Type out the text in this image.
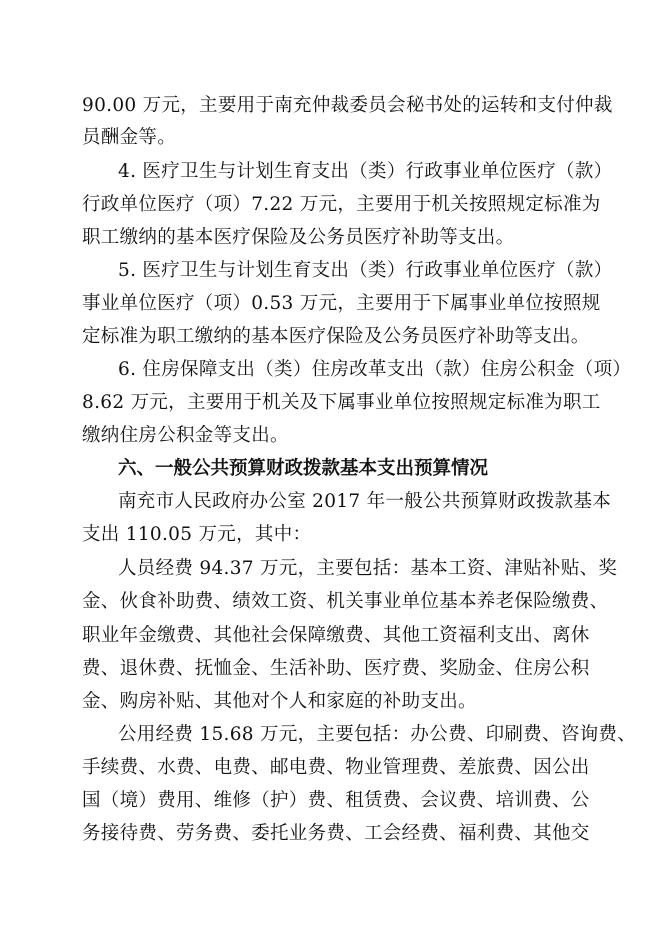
90.00 万元，主要用于南充仲裁委员会秘书处的运转和支付仲裁
员酬金等。
4. 医疗卫生与计划生育支出（类）行政事业单位医疗（款）
行政单位医疗（项）7.22 万元，主要用于机关按照规定标准为
职工缴纳的基本医疗保险及公务员医疗补助等支出。
5. 医疗卫生与计划生育支出（类）行政事业单位医疗（款）
事业单位医疗（项）0.53 万元，主要用于下属事业单位按照规
定标准为职工缴纳的基本医疗保险及公务员医疗补助等支出。
6. 住房保障支出（类）住房改革支出（款）住房公积金（项）
8.62 万元，主要用于机关及下属事业单位按照规定标准为职工
缴纳住房公积金等支出。
六、一般公共预算财政拨款基本支出预算情况
南充市人民政府办公室 2017 年一般公共预算财政拨款基本
支出 110.05 万元，其中：
人员经费 94.37 万元，主要包括：基本工资、津贴补贴、奖
金、伙食补助费、绩效工资、机关事业单位基本养老保险缴费、
职业年金缴费、其他社会保障缴费、其他工资福利支出、离休
费、退休费、抚恤金、生活补助、医疗费、奖励金、住房公积
金、购房补贴、其他对个人和家庭的补助支出。
公用经费 15.68 万元，主要包括：办公费、印刷费、咨询费、
手续费、水费、电费、邮电费、物业管理费、差旅费、因公出
国（境）费用、维修（护）费、租赁费、会议费、培训费、公
务接待费、劳务费、委托业务费、工会经费、福利费、其他交
